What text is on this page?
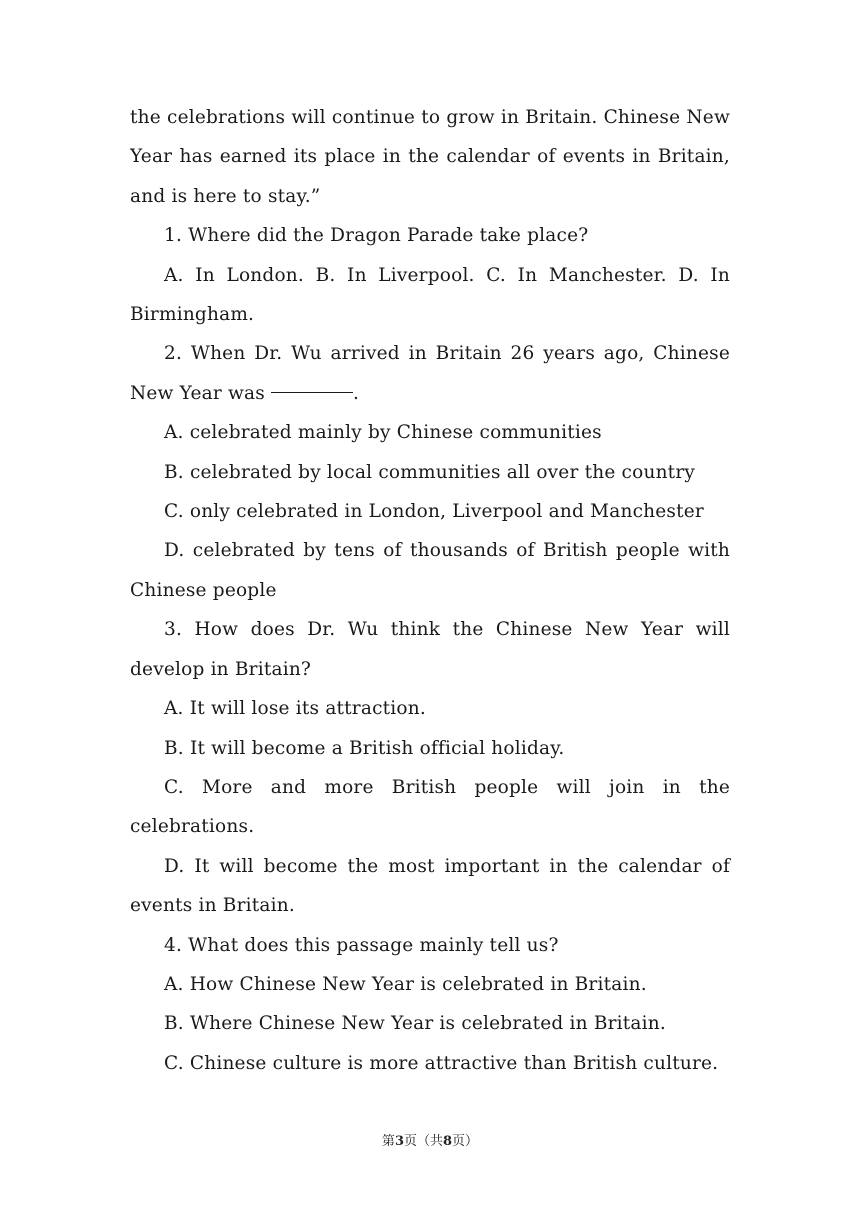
the celebrations will continue to grow in Britain. Chinese New Year has earned its place in the calendar of events in Britain, and is here to stay.”

1. Where did the Dragon Parade take place?

A. In London. B. In Liverpool. C. In Manchester. D. In Birmingham.

2. When Dr. Wu arrived in Britain 26 years ago, Chinese New Year was	.

A. celebrated mainly by Chinese communities

B. celebrated by local communities all over the country

C. only celebrated in London, Liverpool and Manchester

D. celebrated by tens of thousands of British people with Chinese people

3. How does Dr. Wu think the Chinese New Year will develop in Britain?

A. It will lose its attraction.

B. It will become a British official holiday.

C. More and more British people will join in the celebrations.

D. It will become the most important in the calendar of events in Britain.

4. What does this passage mainly tell us?

A. How Chinese New Year is celebrated in Britain.

B. Where Chinese New Year is celebrated in Britain.

C. Chinese culture is more attractive than British culture.

第3页（共8页）
